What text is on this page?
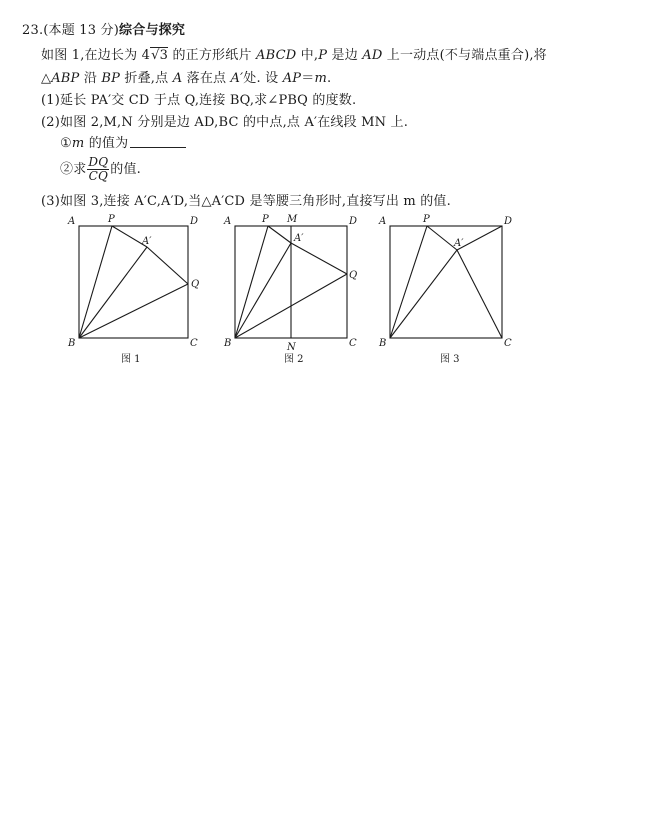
23.(本题 13 分)综合与探究
如图 1,在边长为 4√3 的正方形纸片 ABCD 中,P 是边 AD 上一动点(不与端点重合),将
△ABP 沿 BP 折叠,点 A 落在点 A′处. 设 AP＝m.
(1)延长 PA′交 CD 于点 Q,连接 BQ,求∠PBQ 的度数.
(2)如图 2,M,N 分别是边 AD,BC 的中点,点 A′在线段 MN 上.
①m 的值为
②求 $\frac{DQ}{CQ}$ 的值.
(3)如图 3,连接 A′C,A′D,当△A′CD 是等腰三角形时,直接写出 m 的值.
A	P	D
A′
Q
B	C
图 1
A	P M	D
A′
Q
B	N	C
图 2
A	P	D
A′
B	C
图 3
